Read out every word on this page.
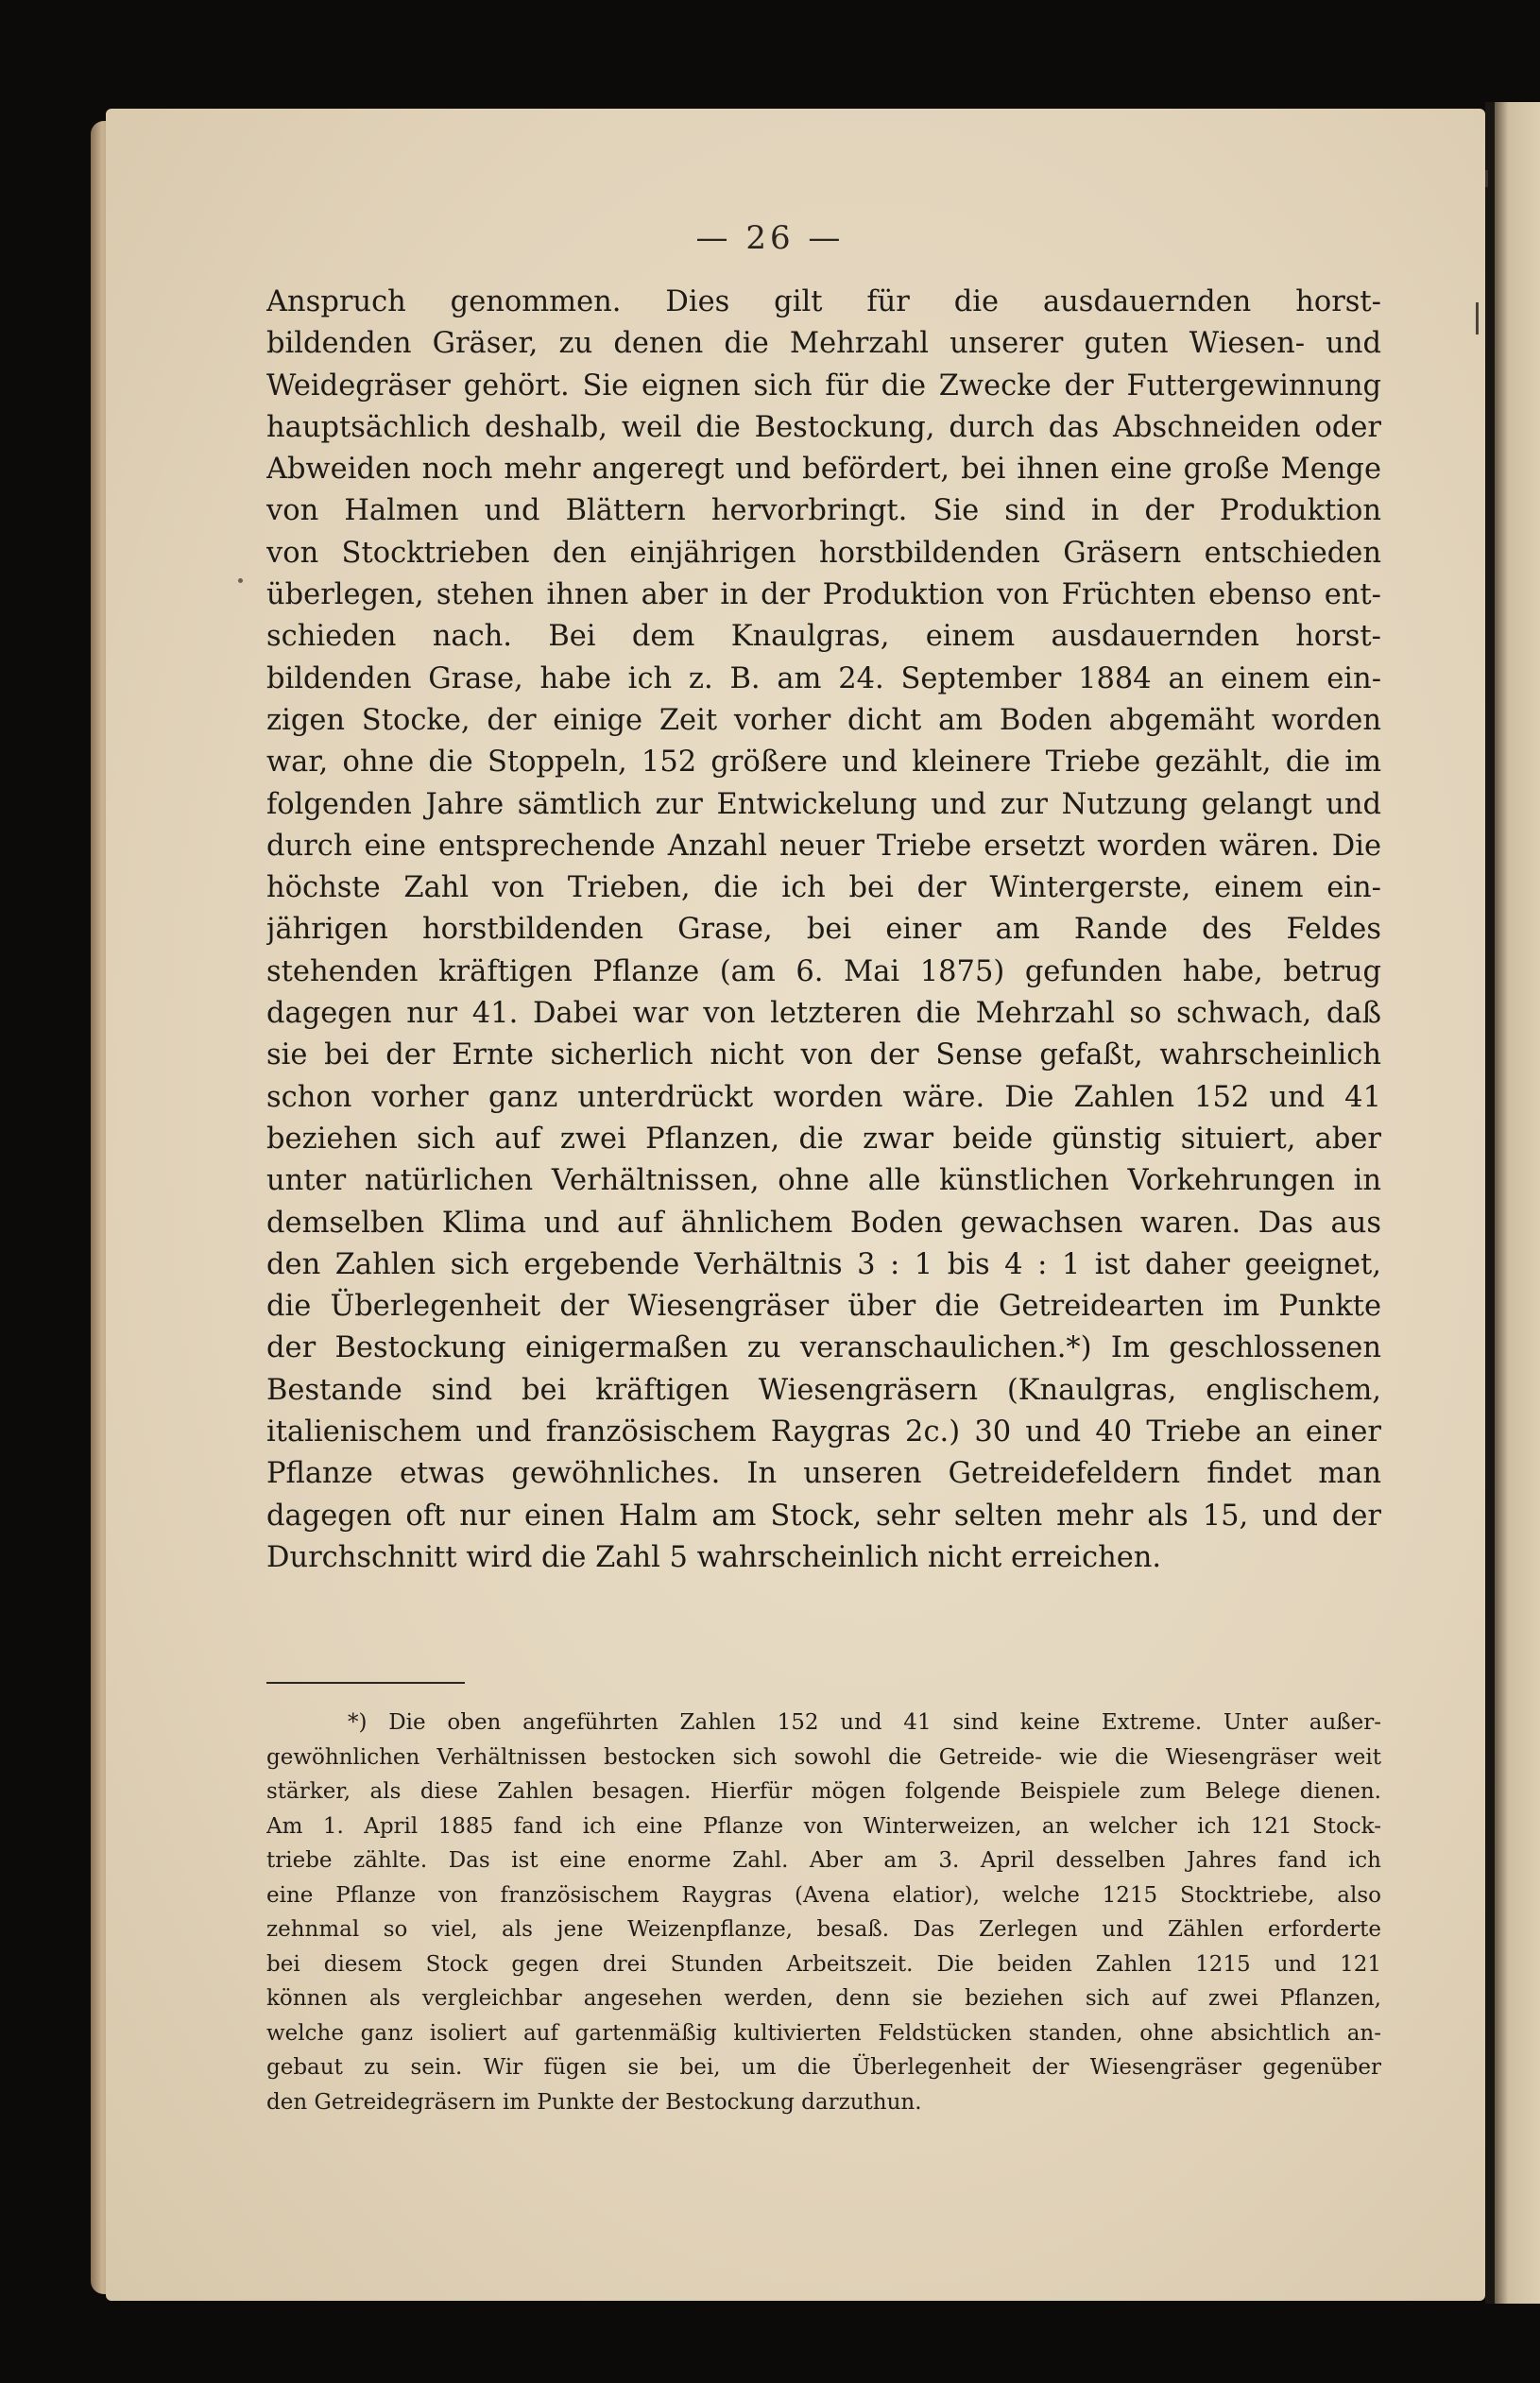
— 26 —
Anspruch genommen. Dies gilt für die ausdauernden horst-
bildenden Gräser, zu denen die Mehrzahl unserer guten Wiesen- und
Weidegräser gehört. Sie eignen sich für die Zwecke der Futtergewinnung
hauptsächlich deshalb, weil die Bestockung, durch das Abschneiden oder
Abweiden noch mehr angeregt und befördert, bei ihnen eine große Menge
von Halmen und Blättern hervorbringt. Sie sind in der Produktion
von Stocktrieben den einjährigen horstbildenden Gräsern entschieden
überlegen, stehen ihnen aber in der Produktion von Früchten ebenso ent-
schieden nach. Bei dem Knaulgras, einem ausdauernden horst-
bildenden Grase, habe ich z. B. am 24. September 1884 an einem ein-
zigen Stocke, der einige Zeit vorher dicht am Boden abgemäht worden
war, ohne die Stoppeln, 152 größere und kleinere Triebe gezählt, die im
folgenden Jahre sämtlich zur Entwickelung und zur Nutzung gelangt und
durch eine entsprechende Anzahl neuer Triebe ersetzt worden wären. Die
höchste Zahl von Trieben, die ich bei der Wintergerste, einem ein-
jährigen horstbildenden Grase, bei einer am Rande des Feldes
stehenden kräftigen Pflanze (am 6. Mai 1875) gefunden habe, betrug
dagegen nur 41. Dabei war von letzteren die Mehrzahl so schwach, daß
sie bei der Ernte sicherlich nicht von der Sense gefaßt, wahrscheinlich
schon vorher ganz unterdrückt worden wäre. Die Zahlen 152 und 41
beziehen sich auf zwei Pflanzen, die zwar beide günstig situiert, aber
unter natürlichen Verhältnissen, ohne alle künstlichen Vorkehrungen in
demselben Klima und auf ähnlichem Boden gewachsen waren. Das aus
den Zahlen sich ergebende Verhältnis 3 : 1 bis 4 : 1 ist daher geeignet,
die Überlegenheit der Wiesengräser über die Getreidearten im Punkte
der Bestockung einigermaßen zu veranschaulichen.*) Im geschlossenen
Bestande sind bei kräftigen Wiesengräsern (Knaulgras, englischem,
italienischem und französischem Raygras 2c.) 30 und 40 Triebe an einer
Pflanze etwas gewöhnliches. In unseren Getreidefeldern findet man
dagegen oft nur einen Halm am Stock, sehr selten mehr als 15, und der
Durchschnitt wird die Zahl 5 wahrscheinlich nicht erreichen.
*) Die oben angeführten Zahlen 152 und 41 sind keine Extreme. Unter außer-
gewöhnlichen Verhältnissen bestocken sich sowohl die Getreide- wie die Wiesengräser weit
stärker, als diese Zahlen besagen. Hierfür mögen folgende Beispiele zum Belege dienen.
Am 1. April 1885 fand ich eine Pflanze von Winterweizen, an welcher ich 121 Stock-
triebe zählte. Das ist eine enorme Zahl. Aber am 3. April desselben Jahres fand ich
eine Pflanze von französischem Raygras (Avena elatior), welche 1215 Stocktriebe, also
zehnmal so viel, als jene Weizenpflanze, besaß. Das Zerlegen und Zählen erforderte
bei diesem Stock gegen drei Stunden Arbeitszeit. Die beiden Zahlen 1215 und 121
können als vergleichbar angesehen werden, denn sie beziehen sich auf zwei Pflanzen,
welche ganz isoliert auf gartenmäßig kultivierten Feldstücken standen, ohne absichtlich an-
gebaut zu sein. Wir fügen sie bei, um die Überlegenheit der Wiesengräser gegenüber
den Getreidegräsern im Punkte der Bestockung darzuthun.
